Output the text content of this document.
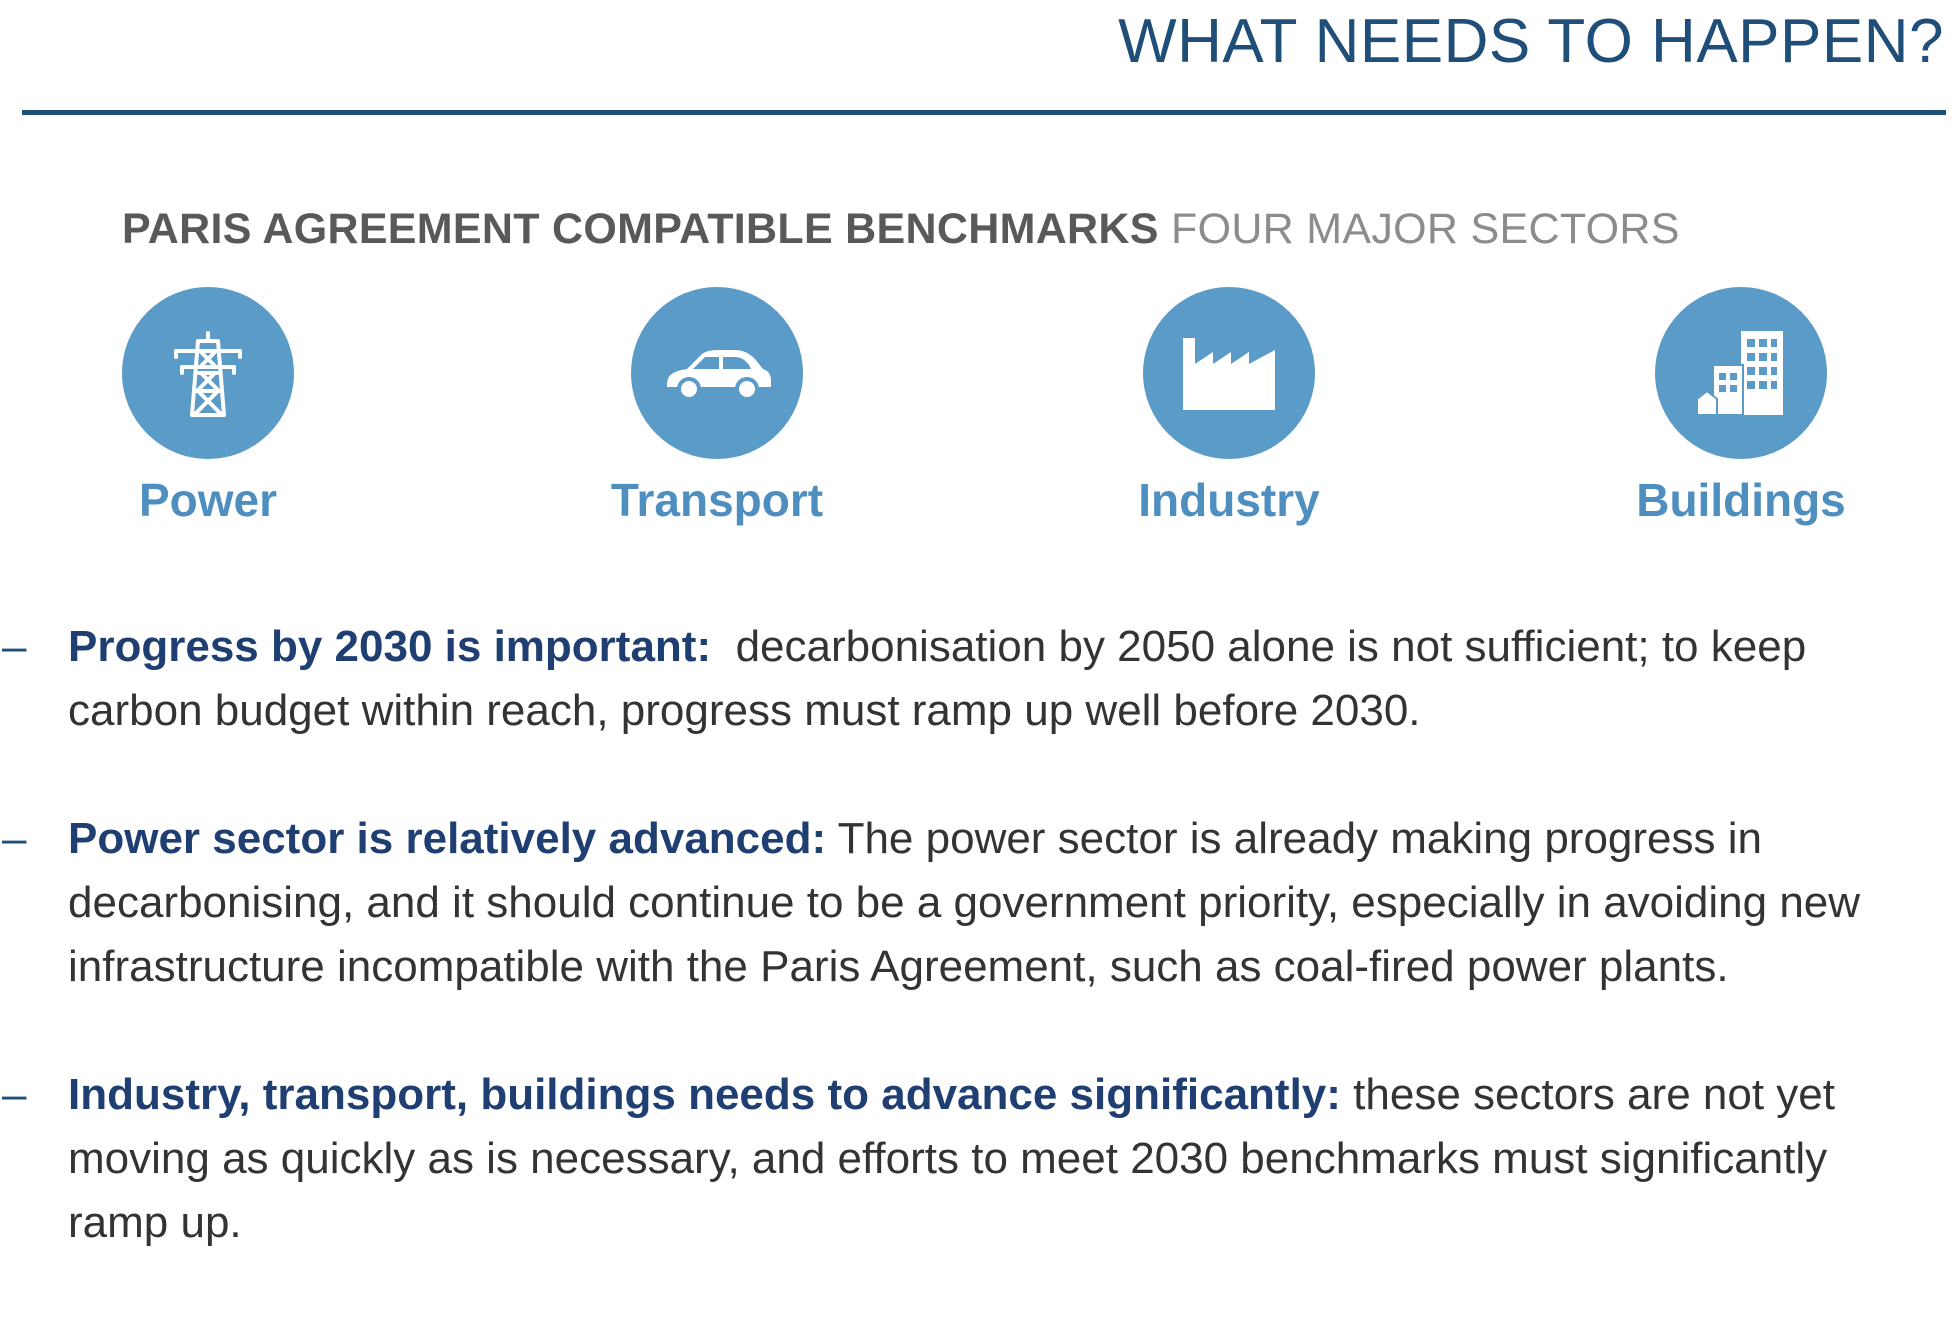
WHAT NEEDS TO HAPPEN?
PARIS AGREEMENT COMPATIBLE BENCHMARKS FOUR MAJOR SECTORS
Power	Transport	Industry	Buildings
– Progress by 2030 is important: decarbonisation by 2050 alone is not sufficient; to keep carbon budget within reach, progress must ramp up well before 2030.
– Power sector is relatively advanced: The power sector is already making progress in decarbonising, and it should continue to be a government priority, especially in avoiding new infrastructure incompatible with the Paris Agreement, such as coal-fired power plants.
– Industry, transport, buildings needs to advance significantly: these sectors are not yet moving as quickly as is necessary, and efforts to meet 2030 benchmarks must significantly ramp up.
